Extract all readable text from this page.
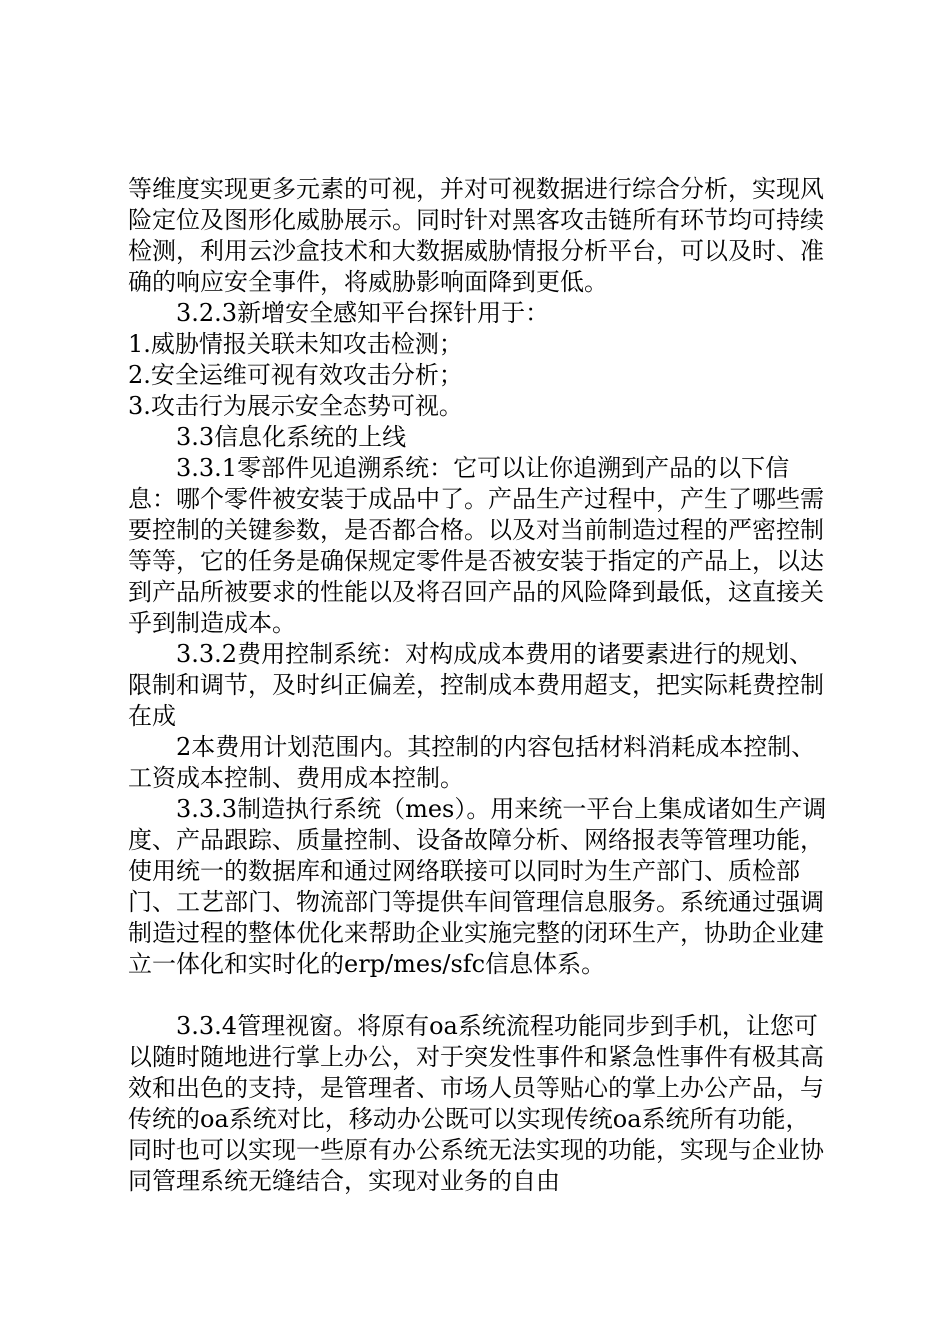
等维度实现更多元素的可视，并对可视数据进行综合分析，实现风险定位及图形化威胁展示。同时针对黑客攻击链所有环节均可持续检测，利用云沙盒技术和大数据威胁情报分析平台，可以及时、准确的响应安全事件，将威胁影响面降到更低。

3.2.3新增安全感知平台探针用于：

1.威胁情报关联未知攻击检测；

2.安全运维可视有效攻击分析；

3.攻击行为展示安全态势可视。

3.3信息化系统的上线

3.3.1零部件见追溯系统：它可以让你追溯到产品的以下信息：哪个零件被安装于成品中了。产品生产过程中，产生了哪些需要控制的关键参数，是否都合格。以及对当前制造过程的严密控制等等，它的任务是确保规定零件是否被安装于指定的产品上，以达到产品所被要求的性能以及将召回产品的风险降到最低，这直接关乎到制造成本。

3.3.2费用控制系统：对构成成本费用的诸要素进行的规划、限制和调节，及时纠正偏差，控制成本费用超支，把实际耗费控制在成

2本费用计划范围内。其控制的内容包括材料消耗成本控制、工资成本控制、费用成本控制。

3.3.3制造执行系统（mes）。用来统一平台上集成诸如生产调度、产品跟踪、质量控制、设备故障分析、网络报表等管理功能，使用统一的数据库和通过网络联接可以同时为生产部门、质检部门、工艺部门、物流部门等提供车间管理信息服务。系统通过强调制造过程的整体优化来帮助企业实施完整的闭环生产，协助企业建立一体化和实时化的erp/mes/sfc信息体系。

3.3.4管理视窗。将原有oa系统流程功能同步到手机，让您可以随时随地进行掌上办公，对于突发性事件和紧急性事件有极其高效和出色的支持，是管理者、市场人员等贴心的掌上办公产品，与传统的oa系统对比，移动办公既可以实现传统oa系统所有功能，同时也可以实现一些原有办公系统无法实现的功能，实现与企业协同管理系统无缝结合，实现对业务的自由
